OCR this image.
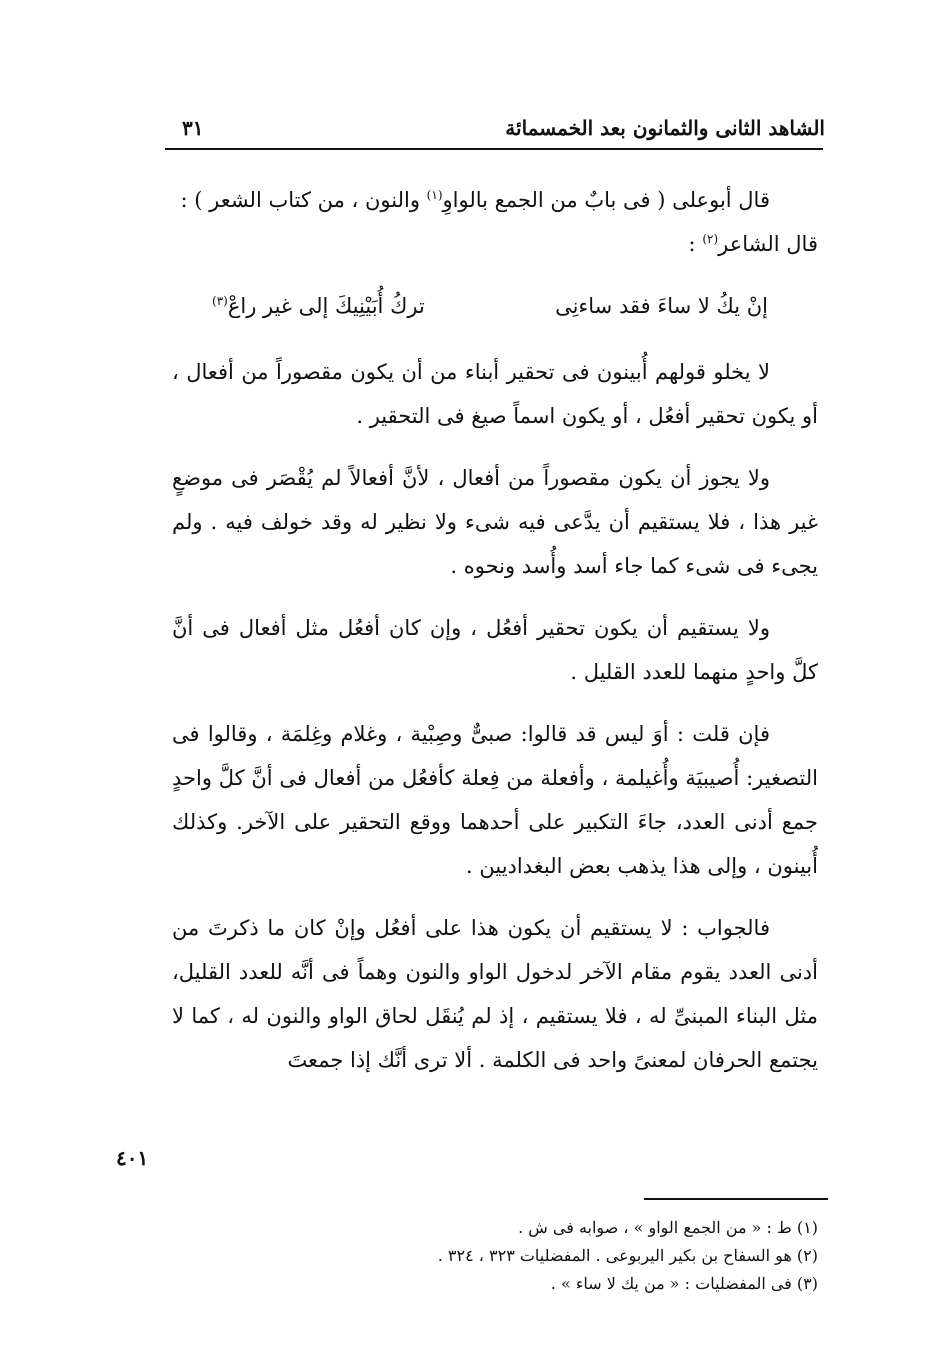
الشاهد الثانى والثمانون بعد الخمسمائة
٣١

قال أبوعلى ( فى بابٌ من الجمع بالواوِ$^{(١)}$ والنون ، من كتاب الشعر ) :
قال الشاعر$^{(٢)}$ :

إنْ يكُ لا ساءَ فقد ساءنِى
تركُ أُبَيْنِيكَ إلى غير راعْ$^{(٣)}$

لا يخلو قولهم أُبينون فى تحقير أبناء من أن يكون مقصوراً من أفعال ، أو يكون تحقير أفعُل ، أو يكون اسماً صيغ فى التحقير .

ولا يجوز أن يكون مقصوراً من أفعال ، لأنَّ أفعالاً لم يُقْصَر فى موضعٍ غير هذا ، فلا يستقيم أن يدَّعى فيه شىء ولا نظير له وقد خولف فيه . ولم يجىء فى شىء كما جاء أسد وأُسد ونحوه .

ولا يستقيم أن يكون تحقير أفعُل ، وإن كان أفعُل مثل أفعال فى أنَّ كلَّ واحدٍ منهما للعدد القليل .

فإن قلت : أوَ ليس قد قالوا: صبىٌّ وصِبْية ، وغلام وغِلمَة ، وقالوا فى التصغير: أُصيبيَة وأُغيلمة ، وأفعلة من فِعلة كأفعُل من أفعال فى أنَّ كلَّ واحدٍ جمع أدنى العدد، جاءَ التكبير على أحدهما ووقع التحقير على الآخر. وكذلك أُبينون ، وإلى هذا يذهب بعض البغداديين .

فالجواب : لا يستقيم أن يكون هذا على أفعُل وإنْ كان ما ذكرتَ من أدنى العدد يقوم مقام الآخر لدخول الواو والنون وهماً فى أنَّه للعدد القليل، مثل البناء المبنىِّ له ، فلا يستقيم ، إذ لم يُنقَل لحاق الواو والنون له ، كما لا يجتمع الحرفان لمعنىً واحد فى الكلمة . ألا ترى أنَّك إذا جمعتَ

٤٠١
(١) ط : « من الجمع الواو » ، صوابه فى ش .
(٢) هو السفاح بن بكير اليربوعى . المفضليات ٣٢٣ ، ٣٢٤ .
(٣) فى المفضليات : « من يك لا ساء » .
